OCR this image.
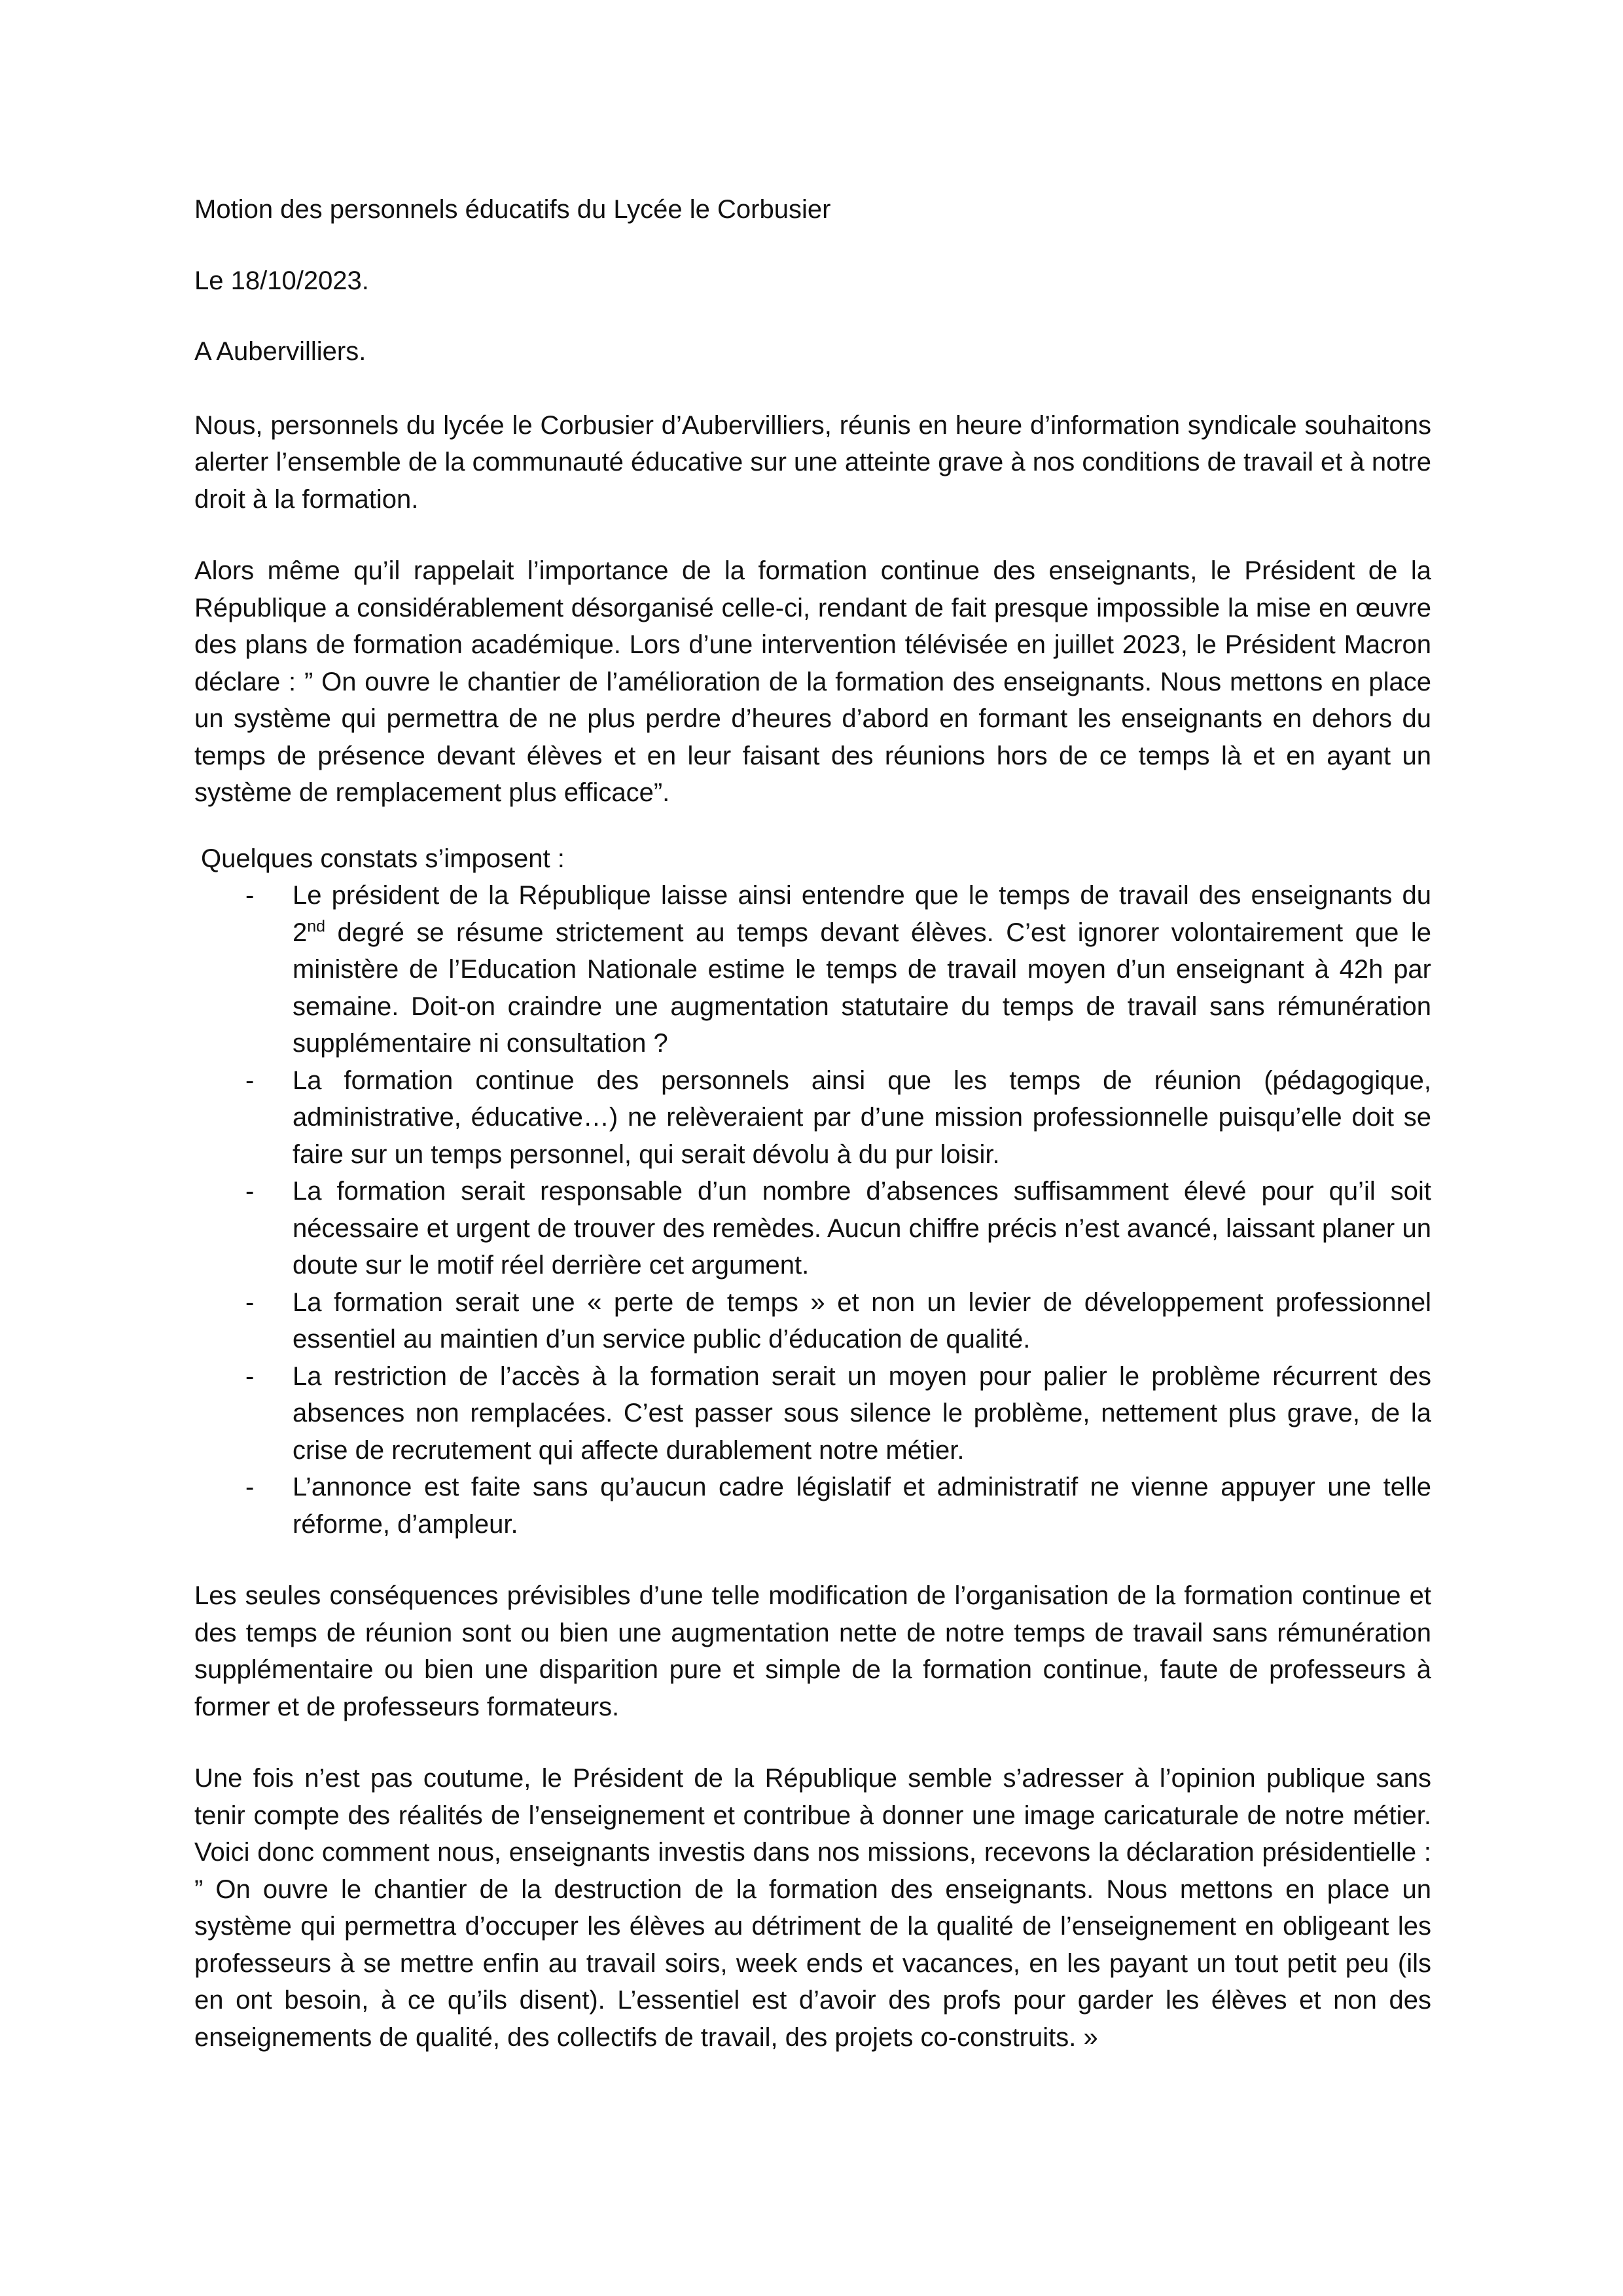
Motion des personnels éducatifs du Lycée le Corbusier

Le 18/10/2023.

A Aubervilliers.

Nous, personnels du lycée le Corbusier d’Aubervilliers, réunis en heure d’information syndicale souhaitons alerter l’ensemble de la communauté éducative sur une atteinte grave à nos conditions de travail et à notre droit à la formation.

Alors même qu’il rappelait l’importance de la formation continue des enseignants, le Président de la République a considérablement désorganisé celle-ci, rendant de fait presque impossible la mise en œuvre des plans de formation académique. Lors d’une intervention télévisée en juillet 2023, le Président Macron déclare : ” On ouvre le chantier de l’amélioration de la formation des enseignants. Nous mettons en place un système qui permettra de ne plus perdre d’heures d’abord en formant les enseignants en dehors du temps de présence devant élèves et en leur faisant des réunions hors de ce temps là et en ayant un système de remplacement plus efficace”.

Quelques constats s’imposent :

- Le président de la République laisse ainsi entendre que le temps de travail des enseignants du 2nd degré se résume strictement au temps devant élèves. C’est ignorer volontairement que le ministère de l’Education Nationale estime le temps de travail moyen d’un enseignant à 42h par semaine. Doit-on craindre une augmentation statutaire du temps de travail sans rémunération supplémentaire ni consultation ?
- La formation continue des personnels ainsi que les temps de réunion (pédagogique, administrative, éducative…) ne relèveraient par d’une mission professionnelle puisqu’elle doit se faire sur un temps personnel, qui serait dévolu à du pur loisir.
- La formation serait responsable d’un nombre d’absences suffisamment élevé pour qu’il soit nécessaire et urgent de trouver des remèdes. Aucun chiffre précis n’est avancé, laissant planer un doute sur le motif réel derrière cet argument.
- La formation serait une « perte de temps » et non un levier de développement professionnel essentiel au maintien d’un service public d’éducation de qualité.
- La restriction de l’accès à la formation serait un moyen pour palier le problème récurrent des absences non remplacées. C’est passer sous silence le problème, nettement plus grave, de la crise de recrutement qui affecte durablement notre métier.
- L’annonce est faite sans qu’aucun cadre législatif et administratif ne vienne appuyer une telle réforme, d’ampleur.

Les seules conséquences prévisibles d’une telle modification de l’organisation de la formation continue et des temps de réunion sont ou bien une augmentation nette de notre temps de travail sans rémunération supplémentaire ou bien une disparition pure et simple de la formation continue, faute de professeurs à former et de professeurs formateurs.

Une fois n’est pas coutume, le Président de la République semble s’adresser à l’opinion publique sans tenir compte des réalités de l’enseignement et contribue à donner une image caricaturale de notre métier. Voici donc comment nous, enseignants investis dans nos missions, recevons la déclaration présidentielle : ” On ouvre le chantier de la destruction de la formation des enseignants. Nous mettons en place un système qui permettra d’occuper les élèves au détriment de la qualité de l’enseignement en obligeant les professeurs à se mettre enfin au travail soirs, week ends et vacances, en les payant un tout petit peu (ils en ont besoin, à ce qu’ils disent). L’essentiel est d’avoir des profs pour garder les élèves et non des enseignements de qualité, des collectifs de travail, des projets co-construits. »
